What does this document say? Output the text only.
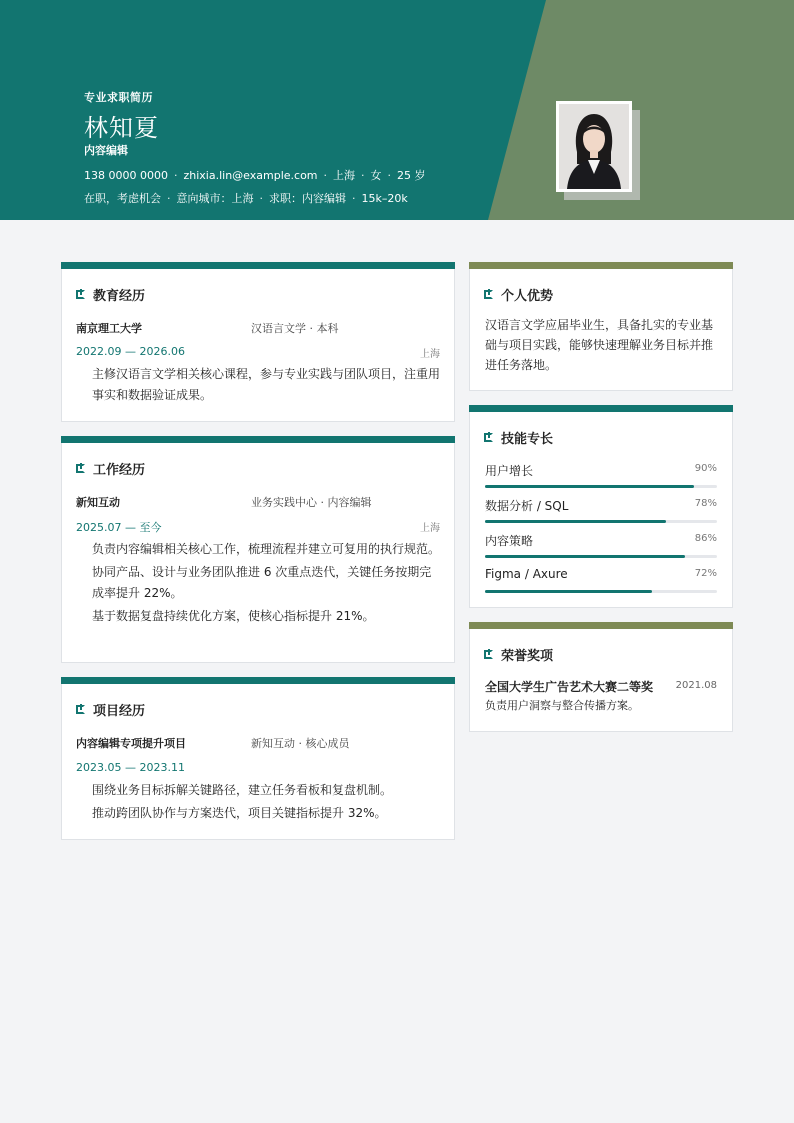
专业求职简历
林知夏
内容编辑
138 0000 0000 · zhixia.lin@example.com · 上海 · 女 · 25 岁
在职，考虑机会 · 意向城市：上海 · 求职：内容编辑 · 15k–20k
教育经历
南京理工大学	汉语言文学 · 本科
2022.09 — 2026.06	上海
主修汉语言文学相关核心课程，参与专业实践与团队项目，注重用事实和数据验证成果。
工作经历
新知互动	业务实践中心 · 内容编辑
2025.07 — 至今	上海
负责内容编辑相关核心工作，梳理流程并建立可复用的执行规范。
协同产品、设计与业务团队推进 6 次重点迭代，关键任务按期完成率提升 22%。
基于数据复盘持续优化方案，使核心指标提升 21%。
项目经历
内容编辑专项提升项目	新知互动 · 核心成员
2023.05 — 2023.11
围绕业务目标拆解关键路径，建立任务看板和复盘机制。
推动跨团队协作与方案迭代，项目关键指标提升 32%。
个人优势
汉语言文学应届毕业生，具备扎实的专业基础与项目实践，能够快速理解业务目标并推进任务落地。
技能专长
用户增长	90%
数据分析 / SQL	78%
内容策略	86%
Figma / Axure	72%
荣誉奖项
全国大学生广告艺术大赛二等奖 2021.08
负责用户洞察与整合传播方案。
